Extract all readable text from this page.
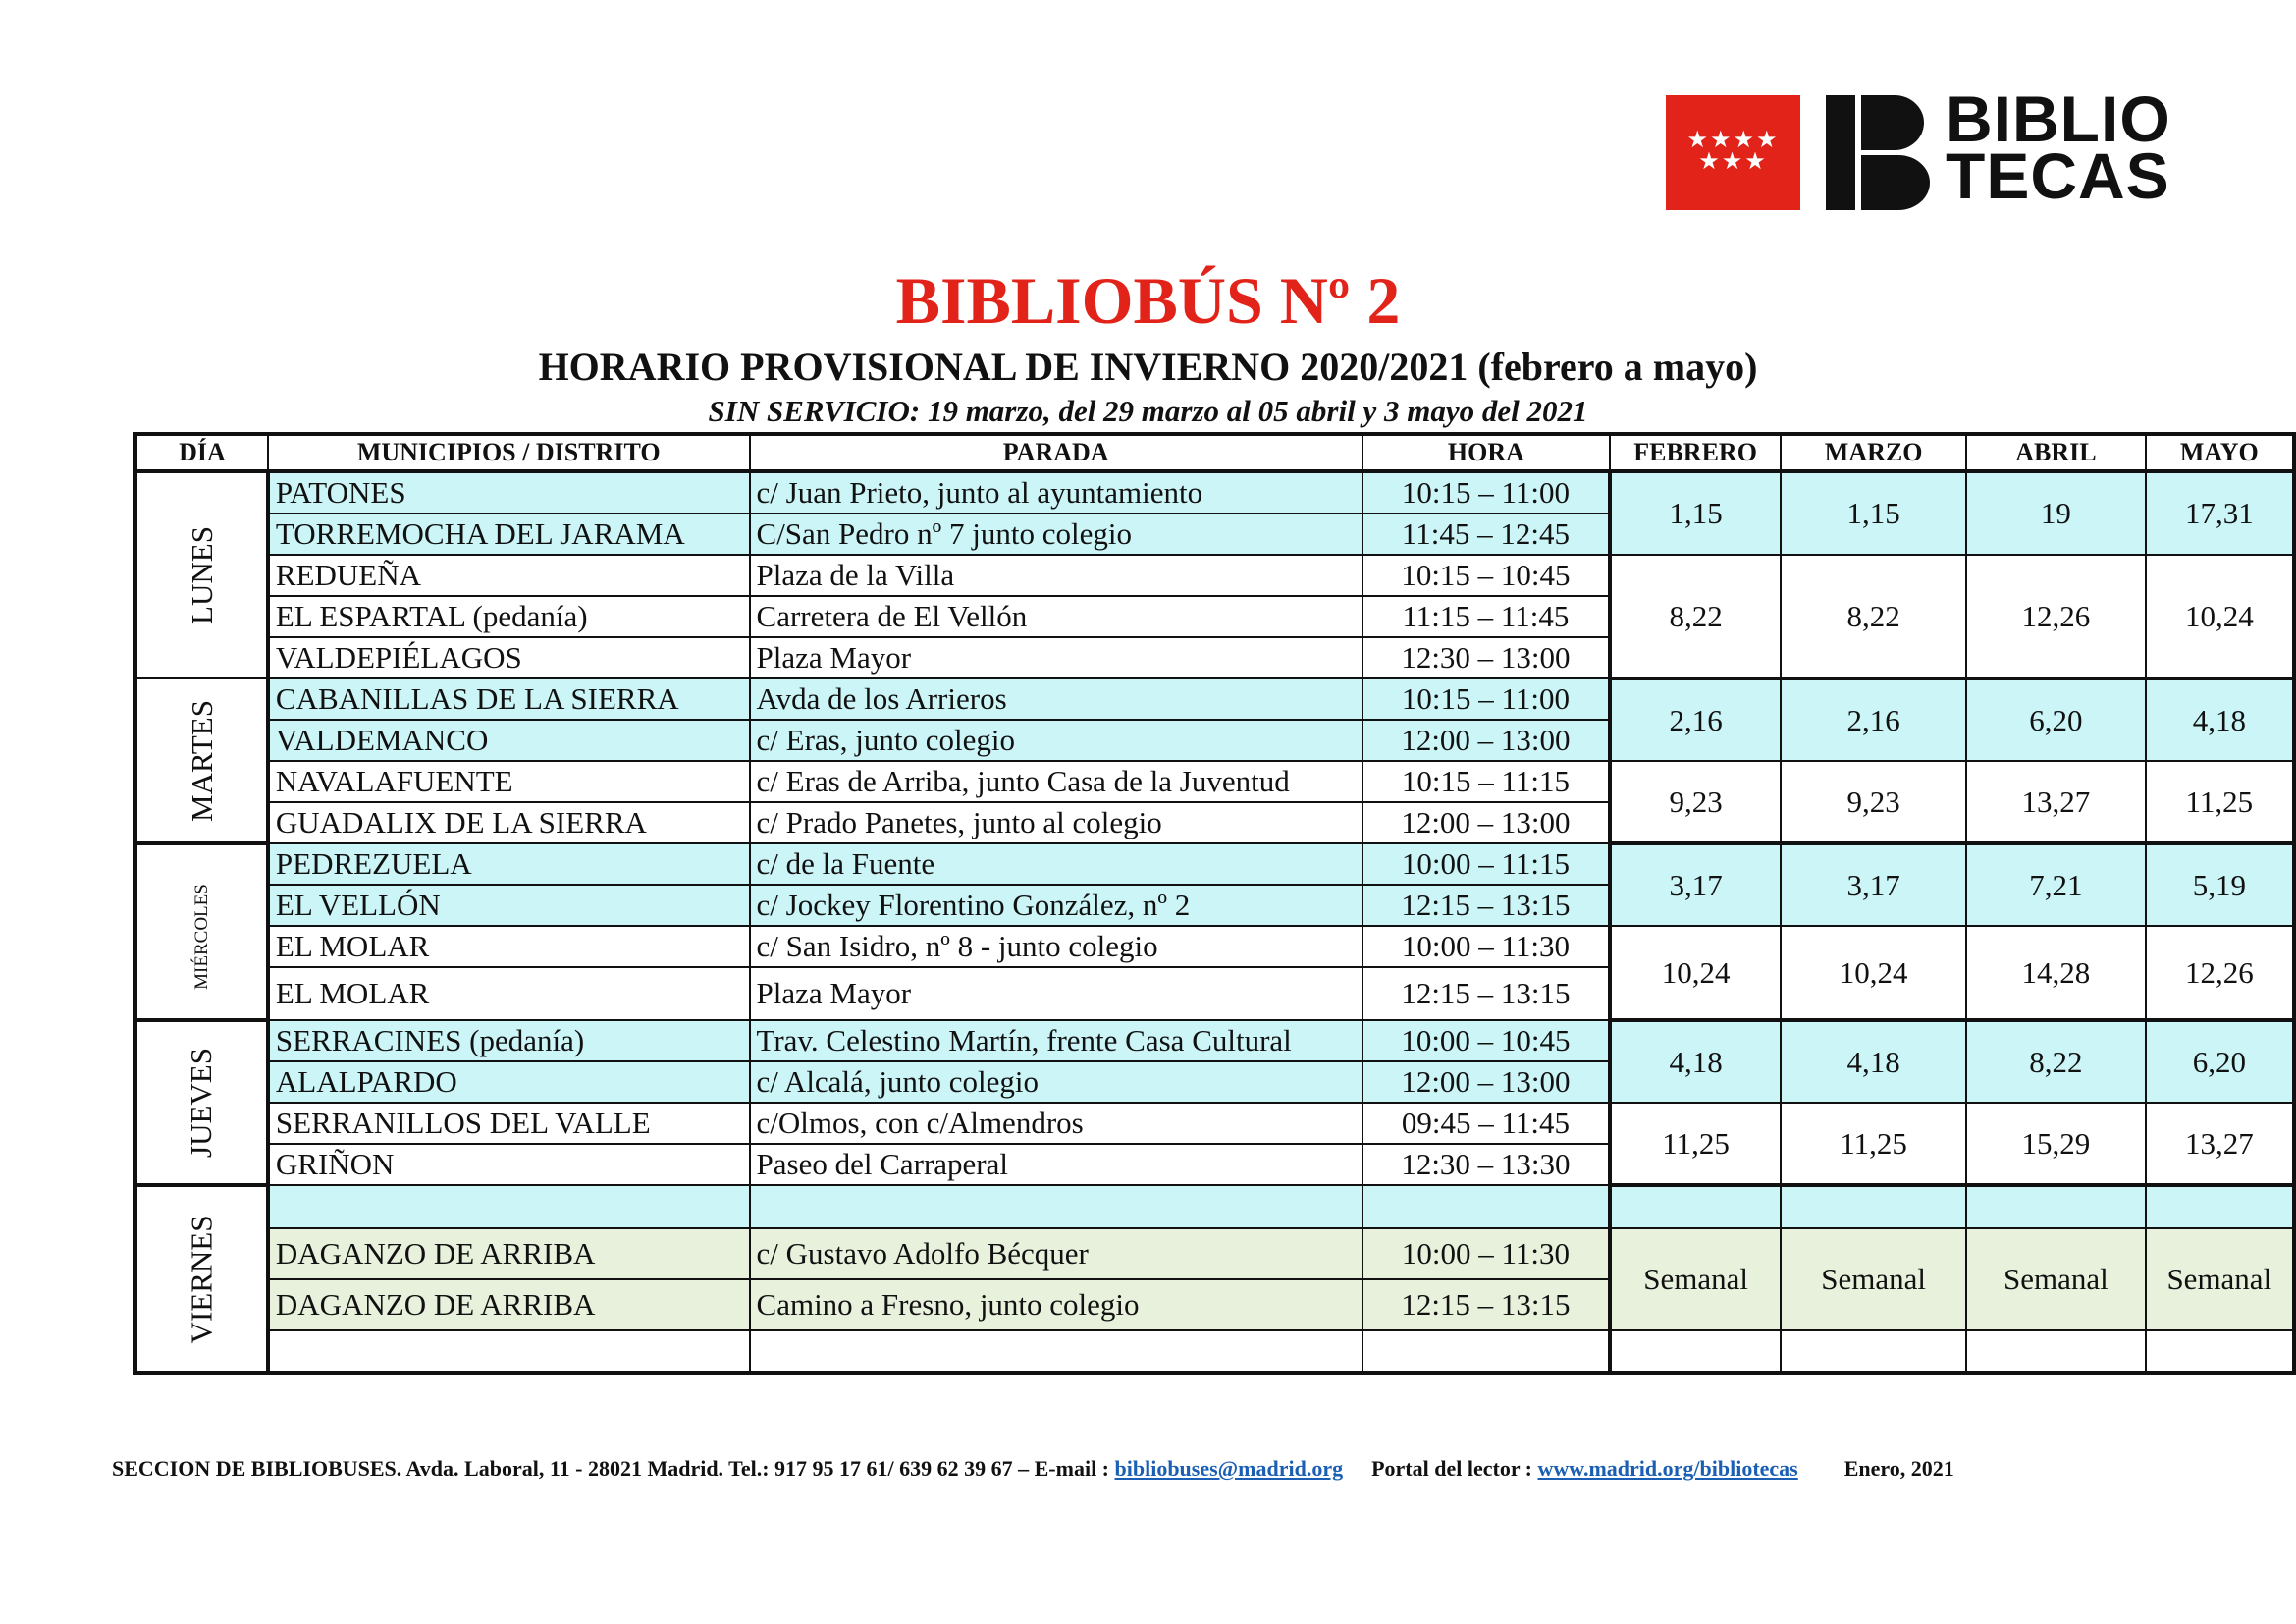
★★★★
★★★
BIBLIO
TECAS
BIBLIOBÚS Nº 2
HORARIO PROVISIONAL DE INVIERNO 2020/2021 (febrero a mayo)
SIN SERVICIO: 19 marzo, del 29 marzo al 05 abril y 3 mayo del 2021
DÍA	MUNICIPIOS / DISTRITO	PARADA	HORA	FEBRERO	MARZO	ABRIL	MAYO
LUNES	PATONES	c/ Juan Prieto, junto al ayuntamiento	10:15 – 11:00	1,15	1,15	19	17,31
	TORREMOCHA DEL JARAMA	C/San Pedro nº 7 junto colegio	11:45 – 12:45				
	REDUEÑA	Plaza de la Villa	10:15 – 10:45	8,22	8,22	12,26	10,24
	EL ESPARTAL (pedanía)	Carretera de El Vellón	11:15 – 11:45				
	VALDEPIÉLAGOS	Plaza Mayor	12:30 – 13:00				
MARTES	CABANILLAS DE LA SIERRA	Avda de los Arrieros	10:15 – 11:00	2,16	2,16	6,20	4,18
	VALDEMANCO	c/ Eras, junto colegio	12:00 – 13:00				
	NAVALAFUENTE	c/ Eras de Arriba, junto Casa de la Juventud	10:15 – 11:15	9,23	9,23	13,27	11,25
	GUADALIX DE LA SIERRA	c/ Prado Panetes, junto al colegio	12:00 – 13:00				
MIÉRCOLES	PEDREZUELA	c/ de la Fuente	10:00 – 11:15	3,17	3,17	7,21	5,19
	EL VELLÓN	c/ Jockey Florentino González, nº 2	12:15 – 13:15				
	EL MOLAR	c/ San Isidro, nº 8 - junto colegio	10:00 – 11:30	10,24	10,24	14,28	12,26
	EL MOLAR	Plaza Mayor	12:15 – 13:15				
JUEVES	SERRACINES (pedanía)	Trav. Celestino Martín, frente Casa Cultural	10:00 – 10:45	4,18	4,18	8,22	6,20
	ALALPARDO	c/ Alcalá, junto colegio	12:00 – 13:00				
	SERRANILLOS DEL VALLE	c/Olmos, con c/Almendros	09:45 – 11:45	11,25	11,25	15,29	13,27
	GRIÑON	Paseo del Carraperal	12:30 – 13:30				
VIERNES							
	DAGANZO DE ARRIBA	c/ Gustavo Adolfo Bécquer	10:00 – 11:30	Semanal	Semanal	Semanal	Semanal
	DAGANZO DE ARRIBA	Camino a Fresno, junto colegio	12:15 – 13:15				

SECCION DE BIBLIOBUSES. Avda. Laboral, 11 - 28021 Madrid. Tel.: 917 95 17 61/ 639 62 39 67 – E-mail : bibliobuses@madrid.org Portal del lector : www.madrid.org/bibliotecas Enero, 2021
